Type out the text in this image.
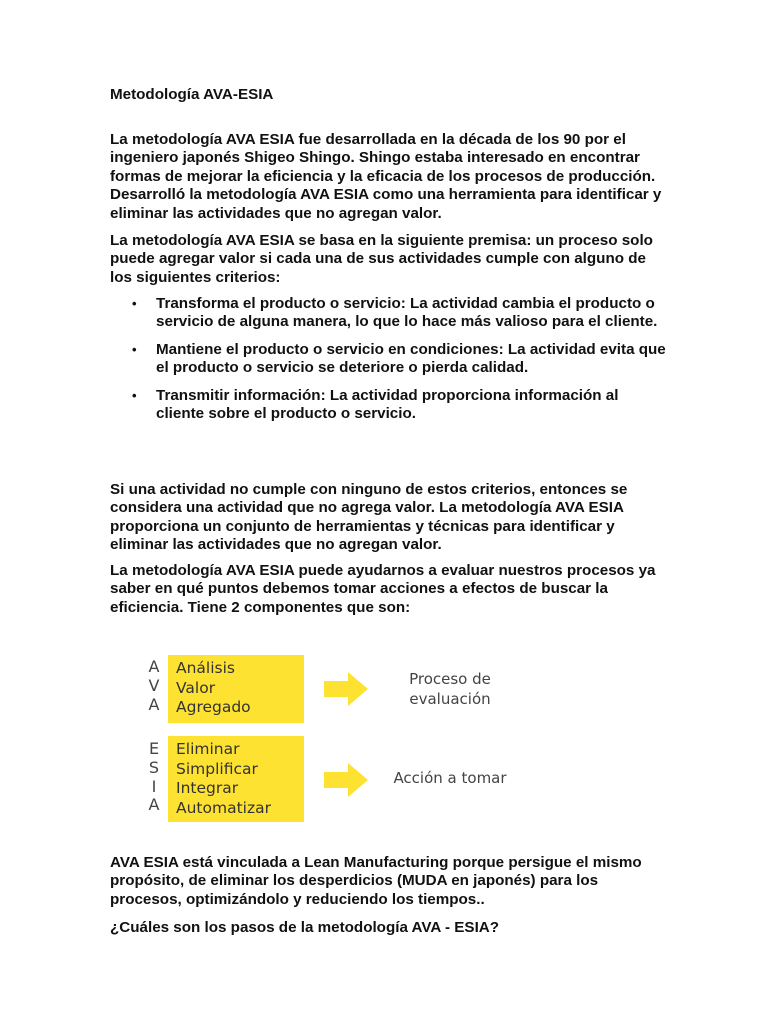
Metodología AVA-ESIA

La metodología AVA ESIA fue desarrollada en la década de los 90 por el ingeniero japonés Shigeo Shingo. Shingo estaba interesado en encontrar formas de mejorar la eficiencia y la eficacia de los procesos de producción. Desarrolló la metodología AVA ESIA como una herramienta para identificar y eliminar las actividades que no agregan valor.

La metodología AVA ESIA se basa en la siguiente premisa: un proceso solo puede agregar valor si cada una de sus actividades cumple con alguno de los siguientes criterios:

• Transforma el producto o servicio: La actividad cambia el producto o servicio de alguna manera, lo que lo hace más valioso para el cliente.
• Mantiene el producto o servicio en condiciones: La actividad evita que el producto o servicio se deteriore o pierda calidad.
• Transmitir información: La actividad proporciona información al cliente sobre el producto o servicio.

Si una actividad no cumple con ninguno de estos criterios, entonces se considera una actividad que no agrega valor. La metodología AVA ESIA proporciona un conjunto de herramientas y técnicas para identificar y eliminar las actividades que no agregan valor.

La metodología AVA ESIA puede ayudarnos a evaluar nuestros procesos ya saber en qué puntos debemos tomar acciones a efectos de buscar la eficiencia. Tiene 2 componentes que son:

AVA ESIA está vinculada a Lean Manufacturing porque persigue el mismo propósito, de eliminar los desperdicios (MUDA en japonés) para los procesos, optimizándolo y reduciendo los tiempos..

¿Cuáles son los pasos de la metodología AVA - ESIA?

A
V
A
Análisis
Valor
Agregado
Proceso de
evaluación
E
S
I
A
Eliminar
Simplificar
Integrar
Automatizar
Acción a tomar
